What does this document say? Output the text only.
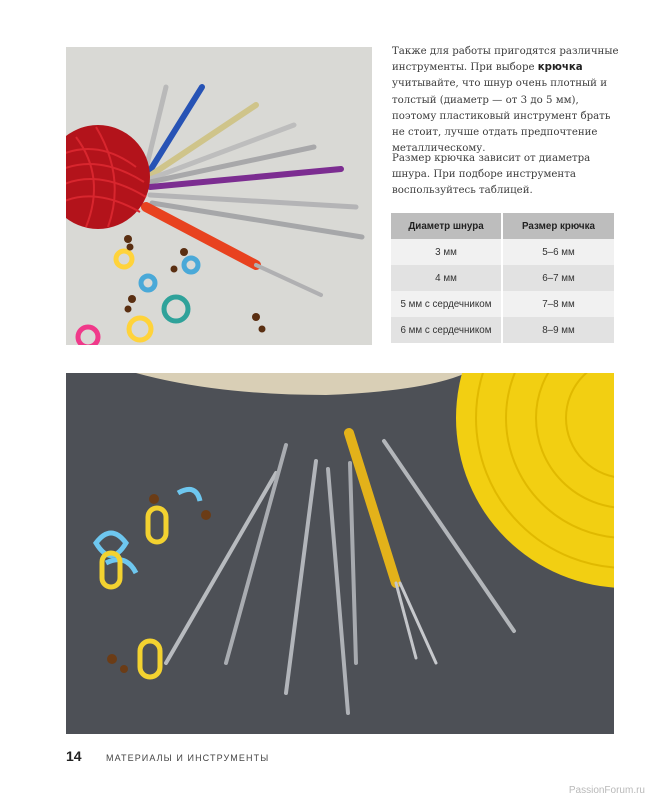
Также для работы пригодятся различные инструменты. При выборе крючка учитывайте, что шнур очень плотный и толстый (диаметр — от 3 до 5 мм), поэтому пластиковый инструмент брать не стоит, лучше отдать предпочтение металлическому.

Размер крючка зависит от диаметра шнура. При подборе инструмента воспользуйтесь таблицей.

Диаметр шнура	Размер крючка
3 мм	5–6 мм
4 мм	6–7 мм
5 мм с сердечником	7–8 мм
6 мм с сердечником	8–9 мм
14	МАТЕРИАЛЫ И ИНСТРУМЕНТЫ
PassionForum.ru
